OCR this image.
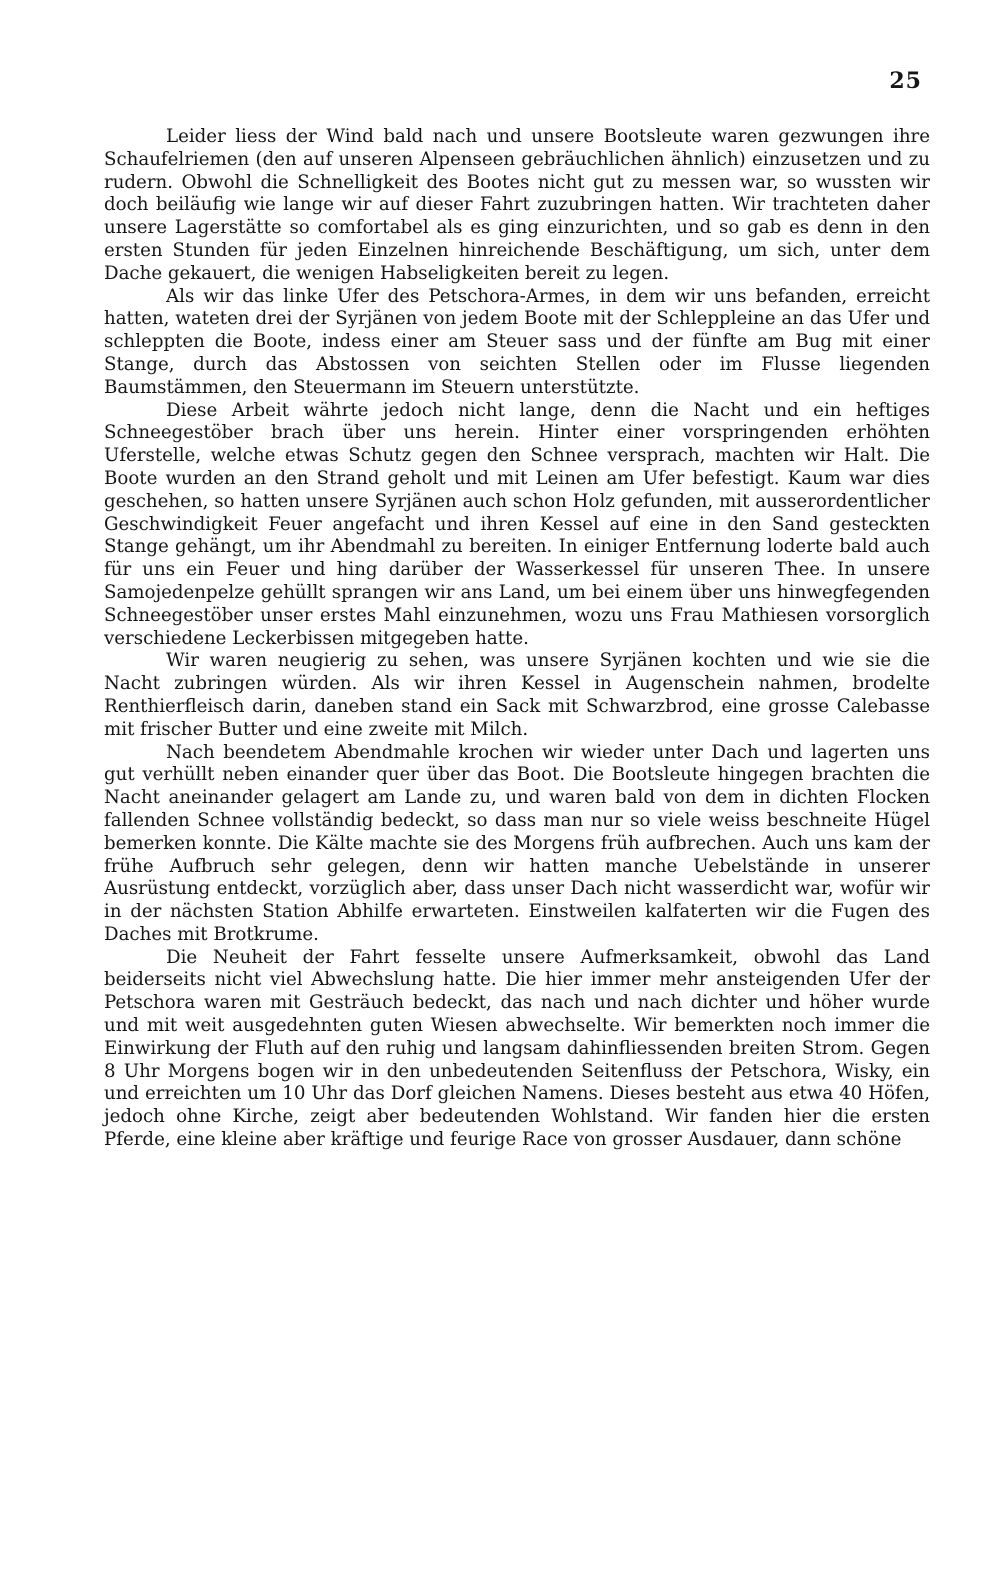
25

Leider liess der Wind bald nach und unsere Bootsleute waren gezwungen ihre Schaufelriemen (den auf unseren Alpenseen gebräuchlichen ähnlich) einzusetzen und zu rudern. Obwohl die Schnelligkeit des Bootes nicht gut zu messen war, so wussten wir doch beiläufig wie lange wir auf dieser Fahrt zuzubringen hatten. Wir trachteten daher unsere Lagerstätte so comfortabel als es ging einzurichten, und so gab es denn in den ersten Stunden für jeden Einzelnen hinreichende Beschäftigung, um sich, unter dem Dache gekauert, die wenigen Habseligkeiten bereit zu legen.

Als wir das linke Ufer des Petschora-Armes, in dem wir uns befanden, erreicht hatten, wateten drei der Syrjänen von jedem Boote mit der Schleppleine an das Ufer und schleppten die Boote, indess einer am Steuer sass und der fünfte am Bug mit einer Stange, durch das Abstossen von seichten Stellen oder im Flusse liegenden Baumstämmen, den Steuermann im Steuern unterstützte.

Diese Arbeit währte jedoch nicht lange, denn die Nacht und ein heftiges Schneegestöber brach über uns herein. Hinter einer vorspringenden erhöhten Uferstelle, welche etwas Schutz gegen den Schnee versprach, machten wir Halt. Die Boote wurden an den Strand geholt und mit Leinen am Ufer befestigt. Kaum war dies geschehen, so hatten unsere Syrjänen auch schon Holz gefunden, mit ausserordentlicher Geschwindigkeit Feuer angefacht und ihren Kessel auf eine in den Sand gesteckten Stange gehängt, um ihr Abendmahl zu bereiten. In einiger Entfernung loderte bald auch für uns ein Feuer und hing darüber der Wasserkessel für unseren Thee. In unsere Samojedenpelze gehüllt sprangen wir ans Land, um bei einem über uns hinwegfegenden Schneegestöber unser erstes Mahl einzunehmen, wozu uns Frau Mathiesen vorsorglich verschiedene Leckerbissen mitgegeben hatte.

Wir waren neugierig zu sehen, was unsere Syrjänen kochten und wie sie die Nacht zubringen würden. Als wir ihren Kessel in Augenschein nahmen, brodelte Renthierfleisch darin, daneben stand ein Sack mit Schwarzbrod, eine grosse Calebasse mit frischer Butter und eine zweite mit Milch.

Nach beendetem Abendmahle krochen wir wieder unter Dach und lagerten uns gut verhüllt neben einander quer über das Boot. Die Bootsleute hingegen brachten die Nacht aneinander gelagert am Lande zu, und waren bald von dem in dichten Flocken fallenden Schnee vollständig bedeckt, so dass man nur so viele weiss beschneite Hügel bemerken konnte. Die Kälte machte sie des Morgens früh aufbrechen. Auch uns kam der frühe Aufbruch sehr gelegen, denn wir hatten manche Uebelstände in unserer Ausrüstung entdeckt, vorzüglich aber, dass unser Dach nicht wasserdicht war, wofür wir in der nächsten Station Abhilfe erwarteten. Einstweilen kalfaterten wir die Fugen des Daches mit Brotkrume.

Die Neuheit der Fahrt fesselte unsere Aufmerksamkeit, obwohl das Land beiderseits nicht viel Abwechslung hatte. Die hier immer mehr ansteigenden Ufer der Petschora waren mit Gesträuch bedeckt, das nach und nach dichter und höher wurde und mit weit ausgedehnten guten Wiesen abwechselte. Wir bemerkten noch immer die Einwirkung der Fluth auf den ruhig und langsam dahinfliessenden breiten Strom. Gegen 8 Uhr Morgens bogen wir in den unbedeutenden Seitenfluss der Petschora, Wisky, ein und erreichten um 10 Uhr das Dorf gleichen Namens. Dieses besteht aus etwa 40 Höfen, jedoch ohne Kirche, zeigt aber bedeutenden Wohlstand. Wir fanden hier die ersten Pferde, eine kleine aber kräftige und feurige Race von grosser Ausdauer, dann schöne
